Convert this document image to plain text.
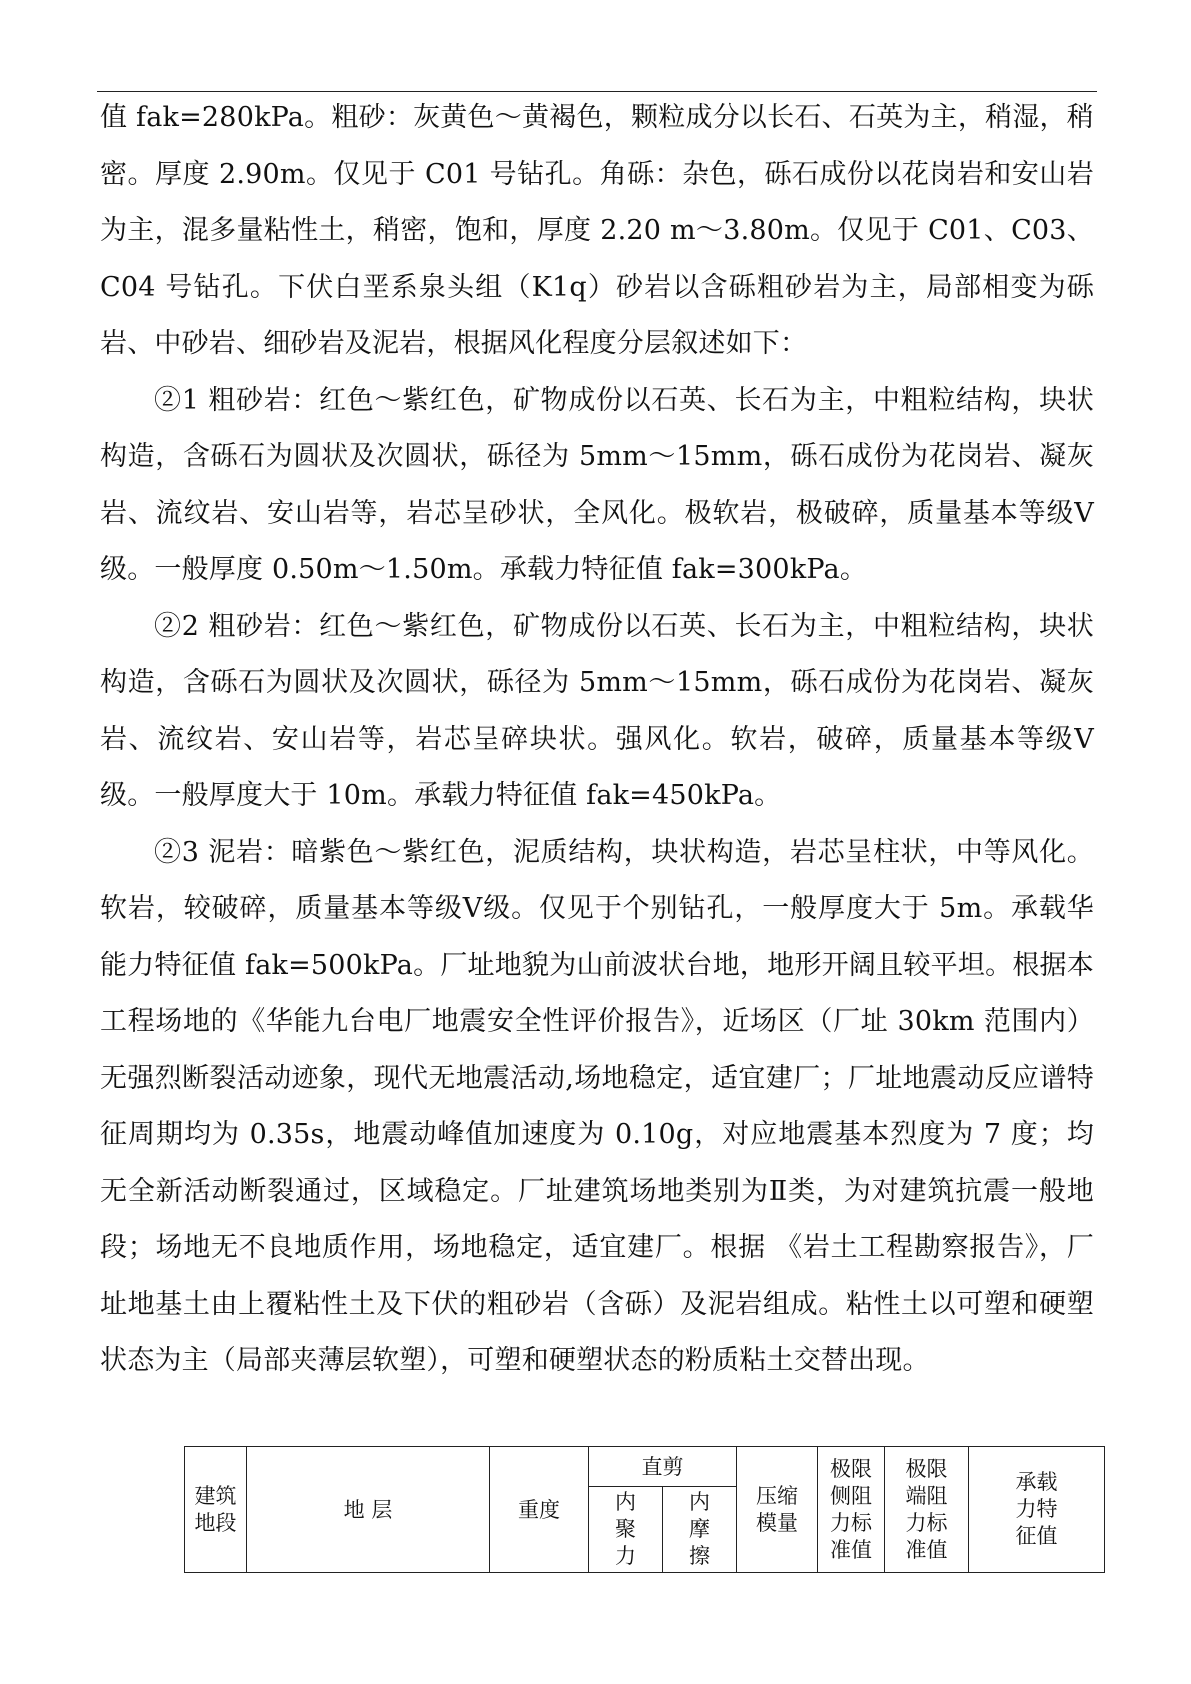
值 fak=280kPa。粗砂：灰黄色～黄褐色，颗粒成分以长石、石英为主，稍湿，稍密。厚度 2.90m。仅见于 C01 号钻孔。角砾：杂色，砾石成份以花岗岩和安山岩为主，混多量粘性土，稍密，饱和，厚度 2.20 m～3.80m。仅见于 C01、C03、C04 号钻孔。下伏白垩系泉头组（K1q）砂岩以含砾粗砂岩为主，局部相变为砾岩、中砂岩、细砂岩及泥岩，根据风化程度分层叙述如下：

②1 粗砂岩：红色～紫红色，矿物成份以石英、长石为主，中粗粒结构，块状构造，含砾石为圆状及次圆状，砾径为 5mm～15mm，砾石成份为花岗岩、凝灰岩、流纹岩、安山岩等，岩芯呈砂状，全风化。极软岩，极破碎，质量基本等级Ⅴ级。一般厚度 0.50m～1.50m。承载力特征值 fak=300kPa。

②2 粗砂岩：红色～紫红色，矿物成份以石英、长石为主，中粗粒结构，块状构造，含砾石为圆状及次圆状，砾径为 5mm～15mm，砾石成份为花岗岩、凝灰岩、流纹岩、安山岩等，岩芯呈碎块状。强风化。软岩，破碎，质量基本等级Ⅴ级。一般厚度大于 10m。承载力特征值 fak=450kPa。

②3 泥岩：暗紫色～紫红色，泥质结构，块状构造，岩芯呈柱状，中等风化。软岩，较破碎，质量基本等级Ⅴ级。仅见于个别钻孔，一般厚度大于 5m。承载华能力特征值 fak=500kPa。厂址地貌为山前波状台地，地形开阔且较平坦。根据本工程场地的《华能九台电厂地震安全性评价报告》，近场区（厂址 30km 范围内）无强烈断裂活动迹象，现代无地震活动,场地稳定，适宜建厂；厂址地震动反应谱特征周期均为 0.35s，地震动峰值加速度为 0.10g，对应地震基本烈度为 7 度；均无全新活动断裂通过，区域稳定。厂址建筑场地类别为Ⅱ类，为对建筑抗震一般地段；场地无不良地质作用，场地稳定，适宜建厂。根据 《岩土工程勘察报告》，厂址地基土由上覆粘性土及下伏的粗砂岩（含砾）及泥岩组成。粘性土以可塑和硬塑状态为主（局部夹薄层软塑），可塑和硬塑状态的粉质粘土交替出现。

建筑地段	地 层	重度	直剪		压缩模量	极限侧阻力标准值	极限端阻力标准值	承载力特征值
			内聚力	内摩擦				
